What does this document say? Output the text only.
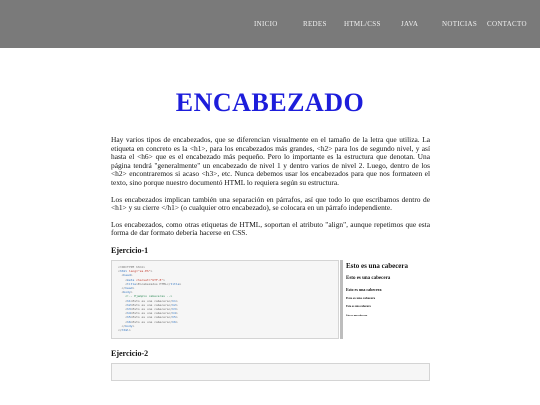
INICIO	REDES HTML/CSS	JAVA	NOTICIAS CONTACTO
ENCABEZADO

Hay varios tipos de encabezados, que se diferencian visualmente en el tamaño de la letra que utiliza. La etiqueta en concreto es la <h1>, para los encabezados más grandes, <h2> para los de segundo nivel, y así hasta el <h6> que es el encabezado más pequeño. Pero lo importante es la estructura que denotan. Una página tendrá "generalmente" un encabezado de nivel 1 y dentro varios de nivel 2. Luego, dentro de los <h2> encontraremos si acaso <h3>, etc. Nunca debemos usar los encabezados para que nos formateen el texto, sino porque nuestro documentó HTML lo requiera según su estructura.

Los encabezados implican también una separación en párrafos, así que todo lo que escribamos dentro de <h1> y su cierre </h1> (o cualquier otro encabezado), se colocara en un párrafo independiente.

Los encabezados, como otras etiquetas de HTML, soportan el atributo "align", aunque repetimos que esta forma de dar formato debería hacerse en CSS.

Ejercicio-1
<!DOCTYPE html>
<html lang="es-ES">
<head>
<meta charset="UTF-8">
<title>Encabezados HTML</title>
</head>
<body>
<!-- Ejemplo cabeceras -->
<h1>Esto es una cabecera</h1>
<h2>Esto es una cabecera</h2>
<h3>Esto es una cabecera</h3>
<h4>Esto es una cabecera</h4>
<h5>Esto es una cabecera</h5>
<h6>Esto es una cabecera</h6>
</body>
</html>
Esto es una cabecera
Esto es una cabecera
Esto es una cabecera
Esto es una cabecera
Esto es una cabecera
Esto es una cabecera
Ejercicio-2
